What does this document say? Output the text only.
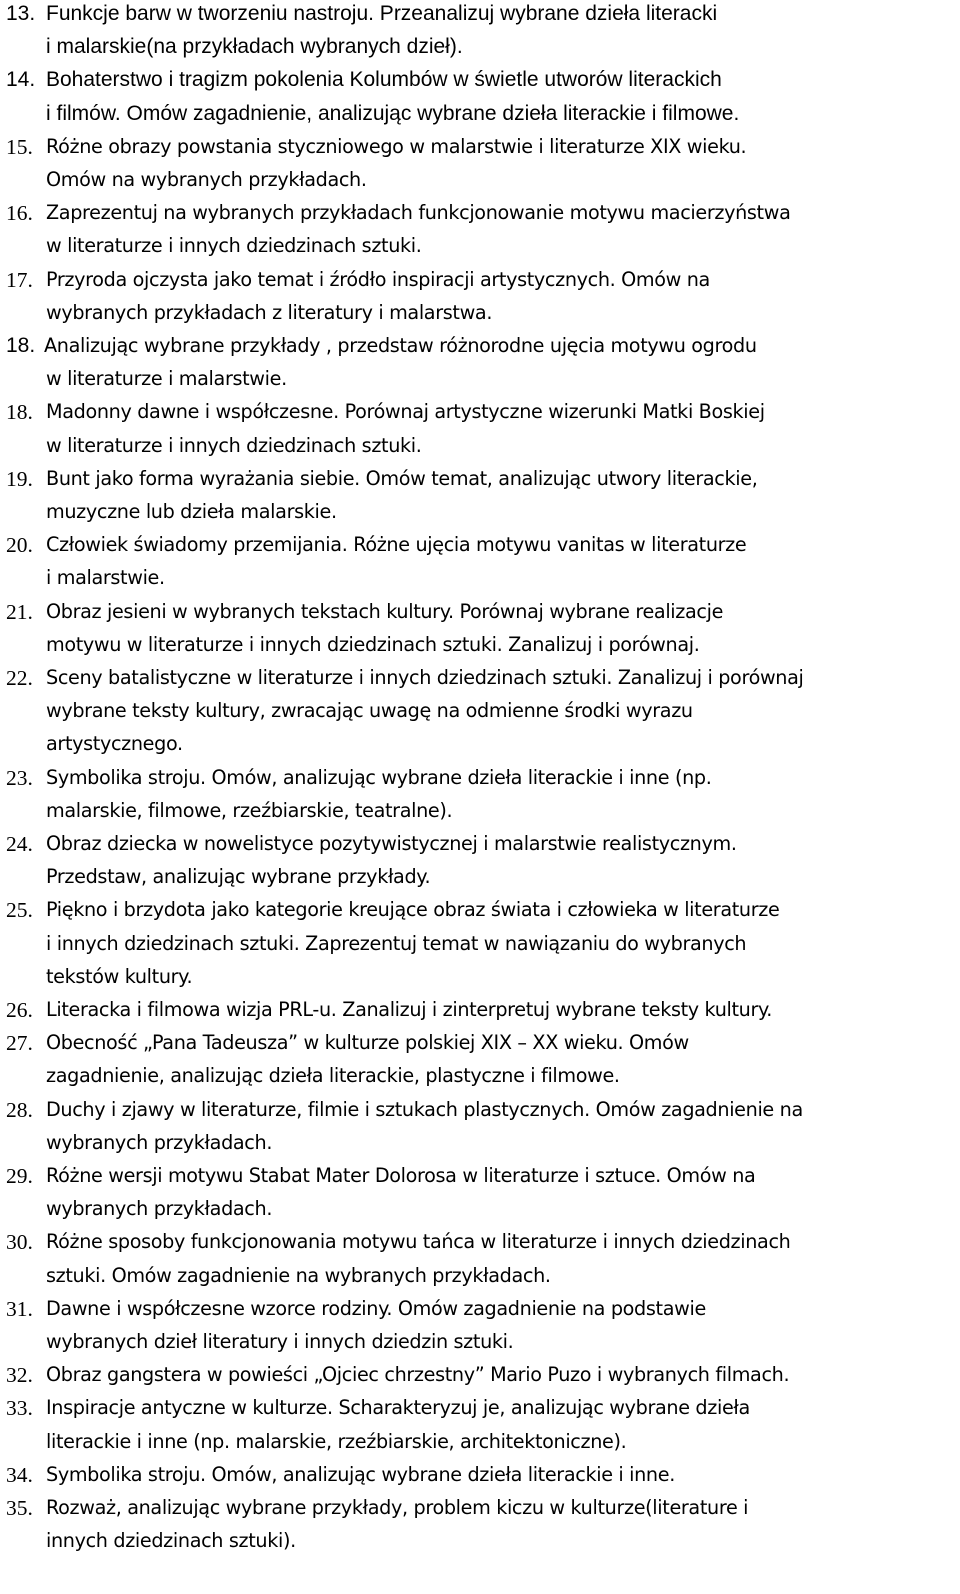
13. Funkcje barw w tworzeniu nastroju. Przeanalizuj wybrane dzieła literacki
i malarskie(na przykładach wybranych dzieł).
14. Bohaterstwo i tragizm pokolenia Kolumbów w świetle utworów literackich
i filmów. Omów zagadnienie, analizując wybrane dzieła literackie i filmowe.
15. Różne obrazy powstania styczniowego w malarstwie i literaturze XIX wieku.
Omów na wybranych przykładach.
16. Zaprezentuj na wybranych przykładach funkcjonowanie motywu macierzyństwa
w literaturze i innych dziedzinach sztuki.
17. Przyroda ojczysta jako temat i źródło inspiracji artystycznych. Omów na
wybranych przykładach z literatury i malarstwa.
18. Analizując wybrane przykłady , przedstaw różnorodne ujęcia motywu ogrodu
w literaturze i malarstwie.
18. Madonny dawne i współczesne. Porównaj artystyczne wizerunki Matki Boskiej
w literaturze i innych dziedzinach sztuki.
19. Bunt jako forma wyrażania siebie. Omów temat, analizując utwory literackie,
muzyczne lub dzieła malarskie.
20. Człowiek świadomy przemijania. Różne ujęcia motywu vanitas w literaturze
i malarstwie.
21. Obraz jesieni w wybranych tekstach kultury. Porównaj wybrane realizacje
motywu w literaturze i innych dziedzinach sztuki. Zanalizuj i porównaj.
22. Sceny batalistyczne w literaturze i innych dziedzinach sztuki. Zanalizuj i porównaj
wybrane teksty kultury, zwracając uwagę na odmienne środki wyrazu
artystycznego.
23. Symbolika stroju. Omów, analizując wybrane dzieła literackie i inne (np.
malarskie, filmowe, rzeźbiarskie, teatralne).
24. Obraz dziecka w nowelistyce pozytywistycznej i malarstwie realistycznym.
Przedstaw, analizując wybrane przykłady.
25. Piękno i brzydota jako kategorie kreujące obraz świata i człowieka w literaturze
i innych dziedzinach sztuki. Zaprezentuj temat w nawiązaniu do wybranych
tekstów kultury.
26. Literacka i filmowa wizja PRL-u. Zanalizuj i zinterpretuj wybrane teksty kultury.
27. Obecność „Pana Tadeusza” w kulturze polskiej XIX – XX wieku. Omów
zagadnienie, analizując dzieła literackie, plastyczne i filmowe.
28. Duchy i zjawy w literaturze, filmie i sztukach plastycznych. Omów zagadnienie na
wybranych przykładach.
29. Różne wersji motywu Stabat Mater Dolorosa w literaturze i sztuce. Omów na
wybranych przykładach.
30. Różne sposoby funkcjonowania motywu tańca w literaturze i innych dziedzinach
sztuki. Omów zagadnienie na wybranych przykładach.
31. Dawne i współczesne wzorce rodziny. Omów zagadnienie na podstawie
wybranych dzieł literatury i innych dziedzin sztuki.
32. Obraz gangstera w powieści „Ojciec chrzestny” Mario Puzo i wybranych filmach.
33. Inspiracje antyczne w kulturze. Scharakteryzuj je, analizując wybrane dzieła
literackie i inne (np. malarskie, rzeźbiarskie, architektoniczne).
34. Symbolika stroju. Omów, analizując wybrane dzieła literackie i inne.
35. Rozważ, analizując wybrane przykłady, problem kiczu w kulturze(literature i
innych dziedzinach sztuki).
